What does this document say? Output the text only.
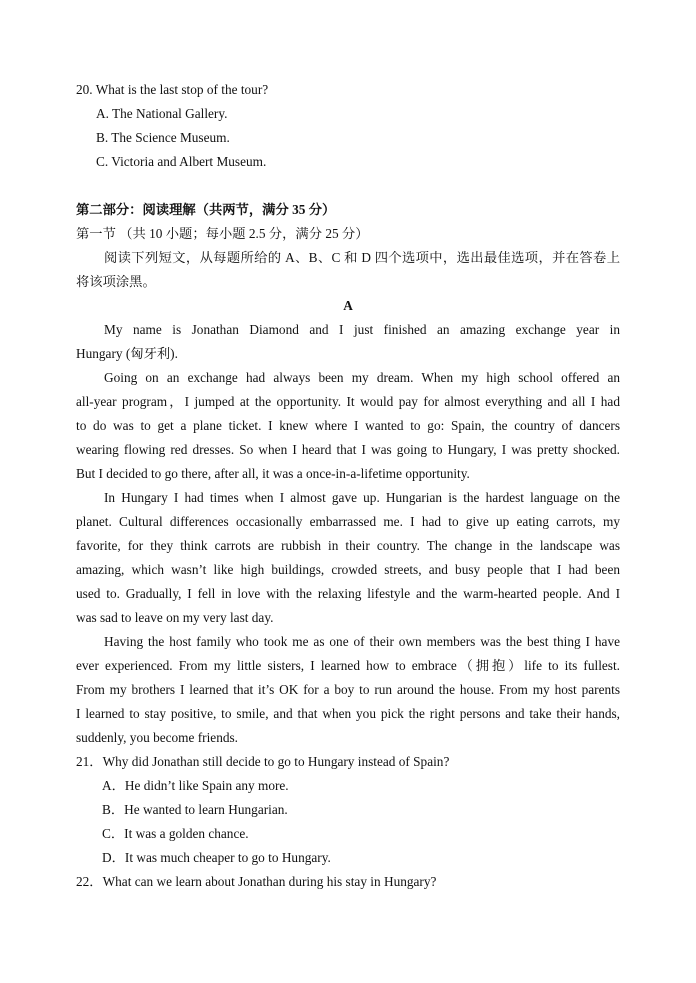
20. What is the last stop of the tour?
A. The National Gallery.
B. The Science Museum.
C. Victoria and Albert Museum.
第二部分：阅读理解（共两节，满分 35 分）
第一节 （共 10 小题；每小题 2.5 分，满分 25 分）
阅读下列短文，从每题所给的 A、B、C 和 D 四个选项中，选出最佳选项，并在答卷上
将该项涂黑。
A
My name is Jonathan Diamond and I just finished an amazing exchange year in
Hungary (匈牙利).
Going on an exchange had always been my dream. When my high school offered an
all-year program，I jumped at the opportunity. It would pay for almost everything and all I had
to do was to get a plane ticket. I knew where I wanted to go: Spain, the country of dancers
wearing flowing red dresses. So when I heard that I was going to Hungary, I was pretty shocked.
But I decided to go there, after all, it was a once-in-a-lifetime opportunity.
In Hungary I had times when I almost gave up. Hungarian is the hardest language on the
planet. Cultural differences occasionally embarrassed me. I had to give up eating carrots, my
favorite, for they think carrots are rubbish in their country. The change in the landscape was
amazing, which wasn’t like high buildings, crowded streets, and busy people that I had been
used to. Gradually, I fell in love with the relaxing lifestyle and the warm-hearted people. And I
was sad to leave on my very last day.
Having the host family who took me as one of their own members was the best thing I have
ever experienced. From my little sisters, I learned how to embrace（拥抱）life to its fullest.
From my brothers I learned that it’s OK for a boy to run around the house. From my host parents
I learned to stay positive, to smile, and that when you pick the right persons and take their hands,
suddenly, you become friends.
21．Why did Jonathan still decide to go to Hungary instead of Spain?
A．He didn’t like Spain any more.
B．He wanted to learn Hungarian.
C．It was a golden chance.
D．It was much cheaper to go to Hungary.
22．What can we learn about Jonathan during his stay in Hungary?
